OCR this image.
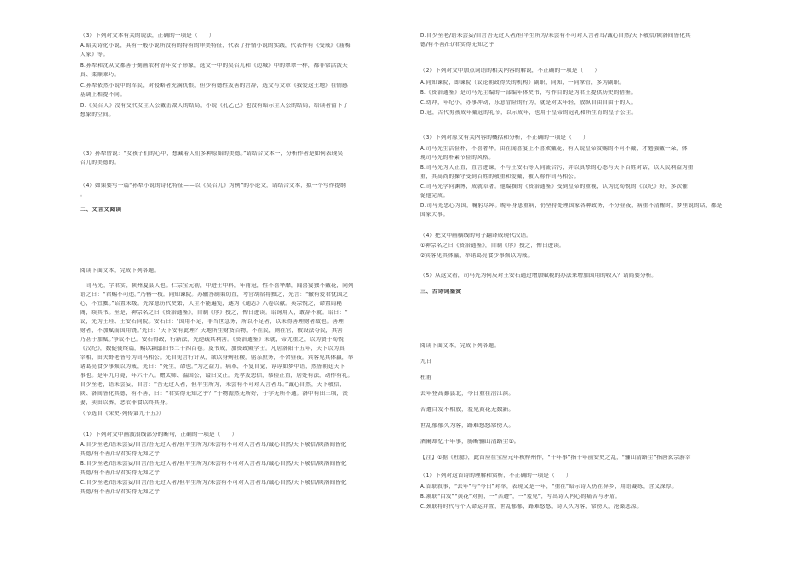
（3）下列对文本有关的说法，正确的一项是（　　）
A.昭关诗化小说，具有一般小说所没有的特有的审美特征，代表了抒情小说的实践，代表作有《受戒》《庙梅
人家》等。
B.孙犁和沈从文都善于刻画农村青年女子形象，选文一中的吴召儿和《边城》中的翠翠一样，都非常活泼天
真、柔顺乖巧。
C.孙犁依然小说中的军民，对侵略者充满仇恨，但少有德性友善的言辞，选文与文章《我爱这土地》在情感
基调上相提不同。
D.《吴召人》没有交代女主人公戴击敌人的结局，小说《孔乙己》也没有暗示主人公的结局，给读者留下了
想象的空间。
（3）孙犁曾说：“女孩子们的心中，想藏着人们多种原始的美德。”请结合文本一，分析作者是如何表现吴
召儿的美德的。
（4）如果要写一篇“孙犁小说的诗化特征——以《吴召儿》为例”的小论文，请结合文本，拟一个写作提纲
。
二、文言文阅读
阅读下面文本，完成下列各题。
司马光，字君实，陕州夏县人也。仁宗宝元初，中进士甲科，年甫冠，性不喜华靡，闻喜宴独不戴花，同列
语之曰：“君赐不可违。”乃簪一枝。同知谏院。苏辙答制策切直，考官胡宿将黜之，光言：“辙有爱君忧国之
心，不宜黜。”诏置末级。光常患历代史繁，人主不能遍览，遂为《通志》八卷以献。英宗悦之，命置局秘
阁，续其书。至是，神宗名之曰《资治通鉴》，自制《序》授之，俾日进读。诏询用人，敢辞不就。诏曰：“
议，光为王珪、王安石同院。安石曰：‘国用不足，非当世急务，所以不足者，以未得善理财者故也。善理
财者，不加赋而国用饶。’光曰：‘天下安有此理？天地所生财货百物，不在民，则在官，彼设法夺民，其害
乃甚于加赋。’争议不已。安石得政，行新法，光逆疏其利害。《资治通鉴》未就，帝尤重之，以为贤于荀悦
《汉纪》，数促使终篇，赐以颍邸旧书二千四百卷。及书成，加资政殿学士。凡居洛阳十五年，天下以为真
宰相，田夫野老皆号为司马相公。光自见言行计从，欲以身殉社稷，躬亲庶务，不舍昼夜。宾客见其体羸，举
诸葛亮食少事烦以为戒，光曰：“死生，命也。”为之益力。病革，不复自觉，谆谆如梦中语，然皆朝廷天下
事也。是年九月薨，年六十八。赠太师、温国公，谥曰文正。光孝友忠信，恭俭正直，居处有法，动作有礼。
自少至老，语未尝妄，自言：“吾无过人者，但平生所为，未尝有不可对人言者耳。”诚心自然，天下敬信，
陕、洛间皆化其德，有不善，曰：“君实得无知之乎？”于物澹然无所好，于学无所不通。洛中有田三顷，丧
妻，卖田以葬，恶衣菲食以终其身。
（节选自《宋史·列传第九十五》）
（1）下列对文中画波浪线部分的断句，正确的一项是（　　）
A.自少至老/语未尝妄/自言/吾无过人者/但平生所为/未尝有不可对人言者耳/诚心自然/天下敬信/陕洛间皆化
其德/有不善/曰/君实得无知之乎
B.自少至老/语未尝妄/自言/吾无过人者/但平生所为/未尝有不可对人言者耳/诚心自然/天下敬信/陕洛间皆化
其德/有不善/曰/君实得无知之乎
C.自少至老/语未尝妄/自言/吾无过人者/但平生所为/未尝有不可对人言者耳/诚心自然/天下敬信/陕洛间皆化
其德/有不善/曰/君实得无知之乎
D.自少至老/语未尝妄/自言吾无过人者/但平生所为/未尝有不可对人言者耳/诚心自然/天下敬信/陕洛间皆化其
德/有不善/曰/君实得无知之乎
（2）下列对文中加点词语的相关内容的解说，不正确的一项是（　　）
A.同知谏院，即谏院（议论朝政得失的机构）副职，同知，一同掌管，多为副职。
B.《资治通鉴》是司马光主编的一部编年体史书，写作目的是为君王提供历史的借鉴。
C.幼冲，年纪小，办事冲动，乐意冒险的行为，就是对太年轻，放纵自由自由于的人。
D.冠，古代男孩成年戴冠的礼节，以示成年，也用于皇帝的冠礼和所生育的皇子公主。
（3）下列对原文有关内容的概括和分析，不正确的一项是（　　）
A.司马光生活俭朴，不喜奢华。由在闻喜宴上不喜欢戴花，有人说皇帝赏赐的不可不戴，才勉强戴一朵，体
现司马光的朴素节俭的风格。
B.司马光为人正直，直言进谏，不与王安石等人同流合污，并以真挚的心态与天下百姓对话，以人民利益为重
重，其高尚的操守受到百姓的敬重和爱戴，被人称作司马相公。
C.司马光学问渊博，成就卓著。他编撰的《资治通鉴》受到皇帝的重视，认为比荀悦的《汉纪》好，多次催
促他完成。
D.司马光忠心为国，鞠躬尽瘁。晚年身患重病，仍坚持处理国家各种政务，不分昼夜，病重不清醒时，梦里说的话，都是
国家大事。
（4）把文中画横线的句子翻译成现代汉语。
①神宗名之曰《资治通鉴》，自制《序》授之，俾日进读。
②宾客见其体羸，举诸葛亮食少事烦以为戒。
（5）从这文看，司马光为何反对王安石通过增加赋税的办法来增加国用的收入？请简要分析。
三、古诗词鉴赏
阅读下面文本，完成下列各题。
九日
杜甫
去年登高郪县北，今日重在涪江滨。
苦遭白发不相放，羞见黄花无数新。
世乱郁郁久为客，路难悠悠常傍人。
酒阑却忆十年事，肠断骊山清路尘①。
【注】①据《杜臆》，此首应在宝应元年秋梓州作，“十年事”指十年前安史之乱，“骊山清路尘”指唐玄宗游幸
（1）下列对这首诗的理解和赏析，不正确的一项是（　　）
A.首联叙事，“去年”与“今日”对举，表现又是一年，“重在”暗示诗人仍在异乡，用语凝练，含义深厚。
B.颔联“白发”“黄花”对照，一“苦遭”，一“羞见”，写出诗人内心的痛苦与矛盾。
C.颈联将时代与个人命运并置，世乱郁郁，路难悠悠，诗人久为客，常傍人，沧桑悲凉。
